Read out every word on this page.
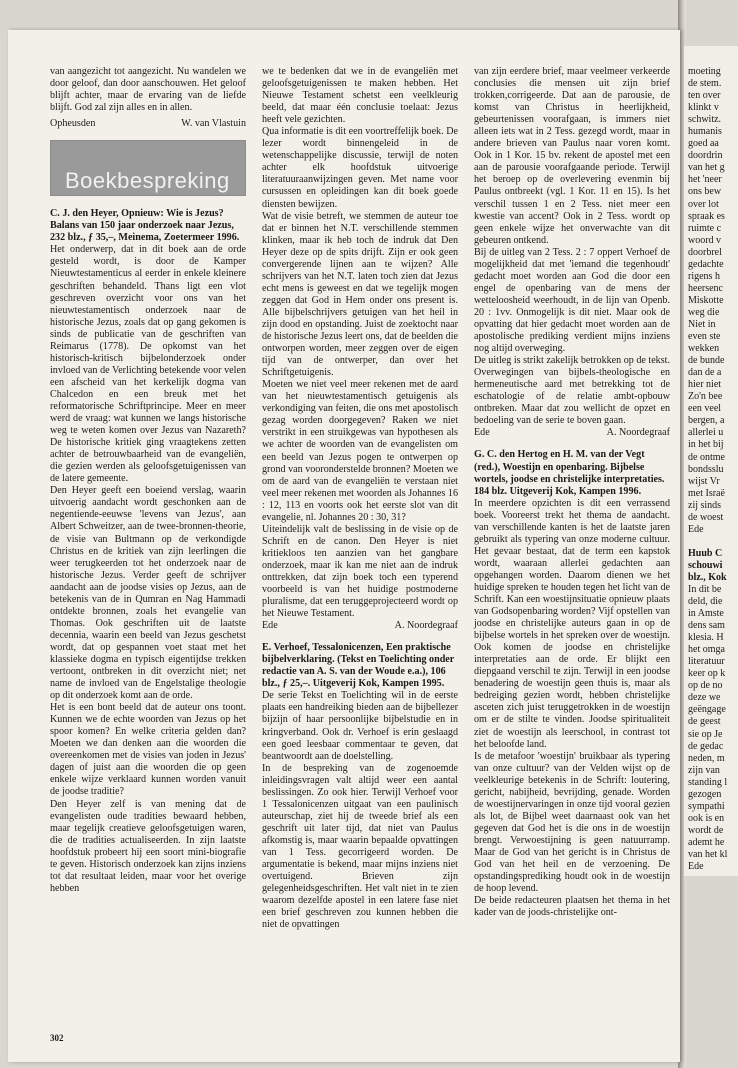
van aangezicht tot aangezicht. Nu wandelen we door geloof, dan door aanschouwen. Het geloof blijft achter, maar de ervaring van de liefde blijft. God zal zijn alles en in allen.

Opheusden	W. van Vlastuin
Boekbespreking

C. J. den Heyer, Opnieuw: Wie is Jezus? Balans van 150 jaar onderzoek naar Jezus, 232 blz., ƒ 35,–, Meinema, Zoetermeer 1996.

Het onderwerp, dat in dit boek aan de orde gesteld wordt, is door de Kamper Nieuwtestamenticus al eerder in enkele kleinere geschriften behandeld. Thans ligt een vlot geschreven overzicht voor ons van het nieuwtestamentisch onderzoek naar de historische Jezus, zoals dat op gang gekomen is sinds de publicatie van de geschriften van Reimarus (1778). De opkomst van het historisch-kritisch bijbelonderzoek onder invloed van de Verlichting betekende voor velen een afscheid van het kerkelijk dogma van Chalcedon en een breuk met het reformatorische Schriftprincipe. Meer en meer werd de vraag: wat kunnen we langs historische weg te weten komen over Jezus van Nazareth? De historische kritiek ging vraagtekens zetten achter de betrouwbaarheid van de evangeliën, die gezien werden als geloofsgetuigenissen van de latere gemeente.

Den Heyer geeft een boeiend verslag, waarin uitvoerig aandacht wordt geschonken aan de negentiende-eeuwse 'levens van Jezus', aan Albert Schweitzer, aan de twee-bronnen-theorie, de visie van Bultmann op de verkondigde Christus en de kritiek van zijn leerlingen die weer terugkeerden tot het onderzoek naar de historische Jezus. Verder geeft de schrijver aandacht aan de joodse visies op Jezus, aan de betekenis van de in Qumran en Nag Hammadi ontdekte bronnen, zoals het evangelie van Thomas. Ook geschriften uit de laatste decennia, waarin een beeld van Jezus geschetst wordt, dat op gespannen voet staat met het klassieke dogma en typisch eigentijdse trekken vertoont, ontbreken in dit overzicht niet; net name de invloed van de Engelstalige theologie op dit onderzoek komt aan de orde.

Het is een bont beeld dat de auteur ons toont. Kunnen we de echte woorden van Jezus op het spoor komen? En welke criteria gelden dan? Moeten we dan denken aan die woorden die overeenkomen met de visies van joden in Jezus' dagen of juist aan die woorden die op geen enkele wijze verklaard kunnen worden vanuit de joodse traditie?

Den Heyer zelf is van mening dat de evangelisten oude tradities bewaard hebben, maar tegelijk creatieve geloofsgetuigen waren, die de tradities actualiseerden. In zijn laatste hoofdstuk probeert hij een soort mini-biografie te geven. Historisch onderzoek kan zijns inziens tot dat resultaat leiden, maar voor het overige hebben

we te bedenken dat we in de evangeliën met geloofsgetuigenissen te maken hebben. Het Nieuwe Testament schetst een veelkleurig beeld, dat maar één conclusie toelaat: Jezus heeft vele gezichten.

Qua informatie is dit een voortreffelijk boek. De lezer wordt binnengeleid in de wetenschappelijke discussie, terwijl de noten achter elk hoofdstuk uitvoerige literatuuraanwijzingen geven. Met name voor cursussen en opleidingen kan dit boek goede diensten bewijzen.

Wat de visie betreft, we stemmen de auteur toe dat er binnen het N.T. verschillende stemmen klinken, maar ik heb toch de indruk dat Den Heyer deze op de spits drijft. Zijn er ook geen convergerende lijnen aan te wijzen? Alle schrijvers van het N.T. laten toch zien dat Jezus echt mens is geweest en dat we tegelijk mogen zeggen dat God in Hem onder ons present is. Alle bijbelschrijvers getuigen van het heil in zijn dood en opstanding. Juist de zoektocht naar de historische Jezus leert ons, dat de beelden die ontworpen worden, meer zeggen over de eigen tijd van de ontwerper, dan over het Schriftgetuigenis.

Moeten we niet veel meer rekenen met de aard van het nieuwtestamentisch getuigenis als verkondiging van feiten, die ons met apostolisch gezag worden doorgegeven? Raken we niet verstrikt in een struikgewas van hypothesen als we achter de woorden van de evangelisten om een beeld van Jezus pogen te ontwerpen op grond van vooronderstelde bronnen? Moeten we om de aard van de evangeliën te verstaan niet veel meer rekenen met woorden als Johannes 16 : 12, 113 en voorts ook het eerste slot van dit evangelie, nl. Johannes 20 : 30, 31?

Uiteindelijk valt de beslissing in de visie op de Schrift en de canon. Den Heyer is niet kritiekloos ten aanzien van het gangbare onderzoek, maar ik kan me niet aan de indruk onttrekken, dat zijn boek toch een typerend voorbeeld is van het huidige postmoderne pluralisme, dat een teruggeprojecteerd wordt op het Nieuwe Testament.

Ede	A. Noordegraaf

E. Verhoef, Tessalonicenzen, Een praktische bijbelverklaring. (Tekst en Toelichting onder redactie van A. S. van der Woude e.a.), 106 blz., ƒ 25,–. Uitgeverij Kok, Kampen 1995.

De serie Tekst en Toelichting wil in de eerste plaats een handreiking bieden aan de bijbellezer bijzijn of haar persoonlijke bijbelstudie en in kringverband. Ook dr. Verhoef is erin geslaagd een goed leesbaar commentaar te geven, dat beantwoordt aan de doelstelling.

In de bespreking van de zogenoemde inleidingsvragen valt altijd weer een aantal beslissingen. Zo ook hier. Terwijl Verhoef voor 1 Tessalonicenzen uitgaat van een paulinisch auteurschap, ziet hij de tweede brief als een geschrift uit later tijd, dat niet van Paulus afkomstig is, maar waarin bepaalde opvattingen van 1 Tess. gecorrigeerd worden. De argumentatie is bekend, maar mijns inziens niet overtuigend. Brieven zijn gelegenheidsgeschriften. Het valt niet in te zien waarom dezelfde apostel in een latere fase niet een brief geschreven zou kunnen hebben die niet de opvattingen

van zijn eerdere brief, maar veelmeer verkeerde conclusies die mensen uit zijn brief trokken,corrigeerde. Dat aan de parousie, de komst van Christus in heerlijkheid, gebeurtenissen voorafgaan, is immers niet alleen iets wat in 2 Tess. gezegd wordt, maar in andere brieven van Paulus naar voren komt. Ook in 1 Kor. 15 bv. rekent de apostel met een aan de parousie voorafgaande periode. Terwijl het beroep op de overlevering evenmin bij Paulus ontbreekt (vgl. 1 Kor. 11 en 15). Is het verschil tussen 1 en 2 Tess. niet meer een kwestie van accent? Ook in 2 Tess. wordt op geen enkele wijze het onverwachte van dit gebeuren ontkend.

Bij de uitleg van 2 Tess. 2 : 7 oppert Verhoef de mogelijkheid dat met 'iemand die tegenhoudt' gedacht moet worden aan God die door een engel de openbaring van de mens der wetteloosheid weerhoudt, in de lijn van Openb. 20 : 1vv. Onmogelijk is dit niet. Maar ook de opvatting dat hier gedacht moet worden aan de apostolische prediking verdient mijns inziens nog altijd overweging.

De uitleg is strikt zakelijk betrokken op de tekst. Overwegingen van bijbels-theologische en hermeneutische aard met betrekking tot de eschatologie of de relatie ambt-opbouw ontbreken. Maar dat zou wellicht de opzet en bedoeling van de serie te boven gaan.

Ede	A. Noordegraaf

G. C. den Hertog en H. M. van der Vegt (red.), Woestijn en openbaring. Bijbelse wortels, joodse en christelijke interpretaties. 184 blz. Uitgeverij Kok, Kampen 1996.

In meerdere opzichten is dit een verrassend boek. Vooreerst trekt het thema de aandacht. van verschillende kanten is het de laatste jaren gebruikt als typering van onze moderne cultuur. Het gevaar bestaat, dat de term een kapstok wordt, waaraan allerlei gedachten aan opgehangen worden. Daarom dienen we het huidige spreken te houden tegen het licht van de Schrift. Kan een woestijnsituatie opnieuw plaats van Godsopenbaring worden? Vijf opstellen van joodse en christelijke auteurs gaan in op de bijbelse wortels in het spreken over de woestijn. Ook komen de joodse en christelijke interpretaties aan de orde. Er blijkt een diepgaand verschil te zijn. Terwijl in een joodse benadering de woestijn geen thuis is, maar als bedreiging gezien wordt, hebben christelijke asceten zich juist teruggetrokken in de woestijn om er de stilte te vinden. Joodse spiritualiteit ziet de woestijn als leerschool, in contrast tot het beloofde land.

Is de metafoor 'woestijn' bruikbaar als typering van onze cultuur? van der Velden wijst op de veelkleurige betekenis in de Schrift: loutering, gericht, nabijheid, bevrijding, genade. Worden de woestijnervaringen in onze tijd vooral gezien als lot, de Bijbel weet daarnaast ook van het gegeven dat God het is die ons in de woestijn brengt. Verwoestijning is geen natuurramp. Maar de God van het gericht is in Christus de God van het heil en de verzoening. De opstandingsprediking houdt ook in de woestijn de hoop levend.

De beide redacteuren plaatsen het thema in het kader van de joods-christelijke ont-

302

moeting

de stem.

ten over

klinkt v

schwitz.

humanis

goed aa

doordrin

van het g

het 'neer

ons bew

over lot

spraak es

ruimte c

woord v

doorbrel

gedachte

rigens h

heersenc

Miskotte

weg die

Niet in

even ste

wekken

de bunde

dan de a

hier niet

Zo'n bee

een veel

bergen, a

allerlei u

in het bij

de ontme

bondsslu

wijst Vr

met Israë

zij sinds

de woest

Ede

Huub C

schouwi

blz., Kok

In dit be

deld, die

in Amste

dens sam

klesia. H

het omga

literatuur

keer op k

op de no

deze we

geëngage

de geest

sie op Je

de gedac

neden, m

zijn van

standing l

gezogen

sympathi

ook is en

wordt de

ademt he

van het kl

Ede
